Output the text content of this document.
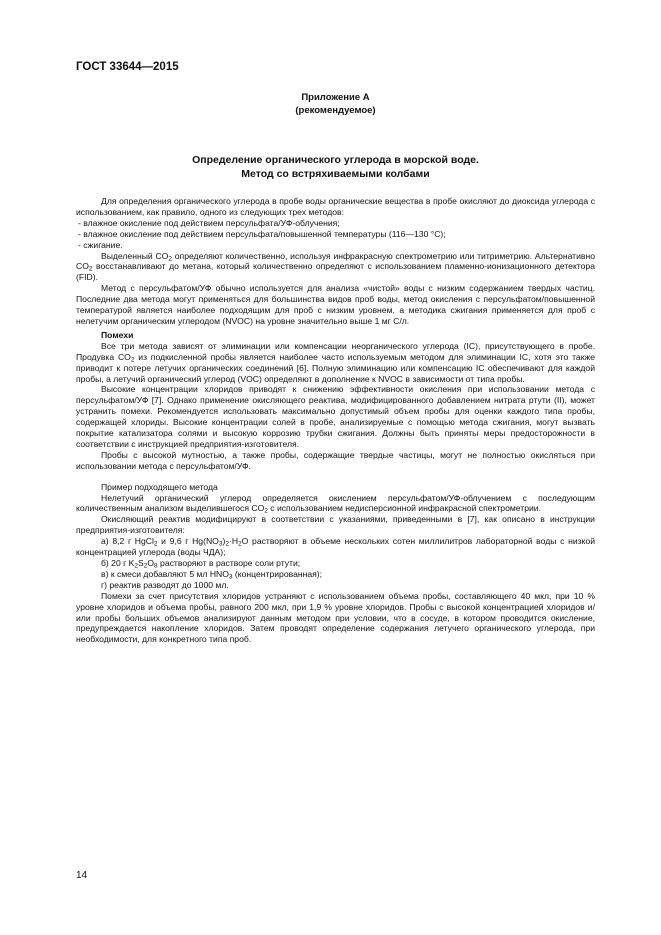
ГОСТ 33644—2015
Приложение А
(рекомендуемое)
Определение органического углерода в морской воде.
Метод со встряхиваемыми колбами

Для определения органического углерода в пробе воды органические вещества в пробе окисляют до диоксида углерода с использованием, как правило, одного из следующих трех методов:

- влажное окисление под действием персульфата/УФ-облучения;

- влажное окисление под действием персульфата/повышенной температуры (116—130 °C);

- сжигание.

Выделенный $CO_2$ определяют количественно, используя инфракрасную спектрометрию или титриметрию. Альтернативно $CO_2$ восстанавливают до метана, который количественно определяют с использованием пламенно-ионизационного детектора (FID).

Метод с персульфатом/УФ обычно используется для анализа «чистой» воды с низким содержанием твердых частиц. Последние два метода могут применяться для большинства видов проб воды, метод окисления с персульфатом/повышенной температурой является наиболее подходящим для проб с низким уровнем, а методика сжигания применяется для проб с нелетучим органическим углеродом (NVOC) на уровне значительно выше 1 мг С/л.

Помехи

Все три метода зависят от элиминации или компенсации неорганического углерода (IC), присутствующего в пробе. Продувка $CO_2$ из подкисленной пробы является наиболее часто используемым методом для элиминации IC, хотя это также приводит к потере летучих органических соединений [6]. Полную элиминацию или компенсацию IC обеспечивают для каждой пробы, а летучий органический углерод (VOC) определяют в дополнение к NVOC в зависимости от типа пробы.

Высокие концентрации хлоридов приводят к снижению эффективности окисления при использовании метода с персульфатом/УФ [7]. Однако применение окисляющего реактива, модифицированного добавлением нитрата ртути (II), может устранить помехи. Рекомендуется использовать максимально допустимый объем пробы для оценки каждого типа пробы, содержащей хлориды. Высокие концентрации солей в пробе, анализируемые с помощью метода сжигания, могут вызвать покрытие катализатора солями и высокую коррозию трубки сжигания. Должны быть приняты меры предосторожности в соответствии с инструкцией предприятия-изготовителя.

Пробы с высокой мутностью, а также пробы, содержащие твердые частицы, могут не полностью окисляться при использовании метода с персульфатом/УФ.

Пример подходящего метода

Нелетучий органический углерод определяется окислением персульфатом/УФ-облучением с последующим количественным анализом выделившегося $CO_2$ с использованием недисперсионной инфракрасной спектрометрии.

Окисляющий реактив модифицируют в соответствии с указаниями, приведенными в [7], как описано в инструкции предприятия-изготовителя:

а) 8,2 г HgCl$_2$ и 9,6 г $Hg(NO_3)_2\cdot H_2O$ растворяют в объеме нескольких сотен миллилитров лабораторной воды с низкой концентрацией углерода (воды ЧДА);

б) 20 г $K_2S_2O_8$ растворяют в растворе соли ртути;

в) к смеси добавляют 5 мл $HNO_3$ (концентрированная);

г) реактив разводят до 1000 мл.

Помехи за счет присутствия хлоридов устраняют с использованием объема пробы, составляющего 40 мкл, при 10 % уровне хлоридов и объема пробы, равного 200 мкл, при 1,9 % уровне хлоридов. Пробы с высокой концентрацией хлоридов и/или пробы больших объемов анализируют данным методом при условии, что в сосуде, в котором проводится окисление, предупреждается накопление хлоридов. Затем проводят определение содержания летучего органического углерода, при необходимости, для конкретного типа проб.

14
